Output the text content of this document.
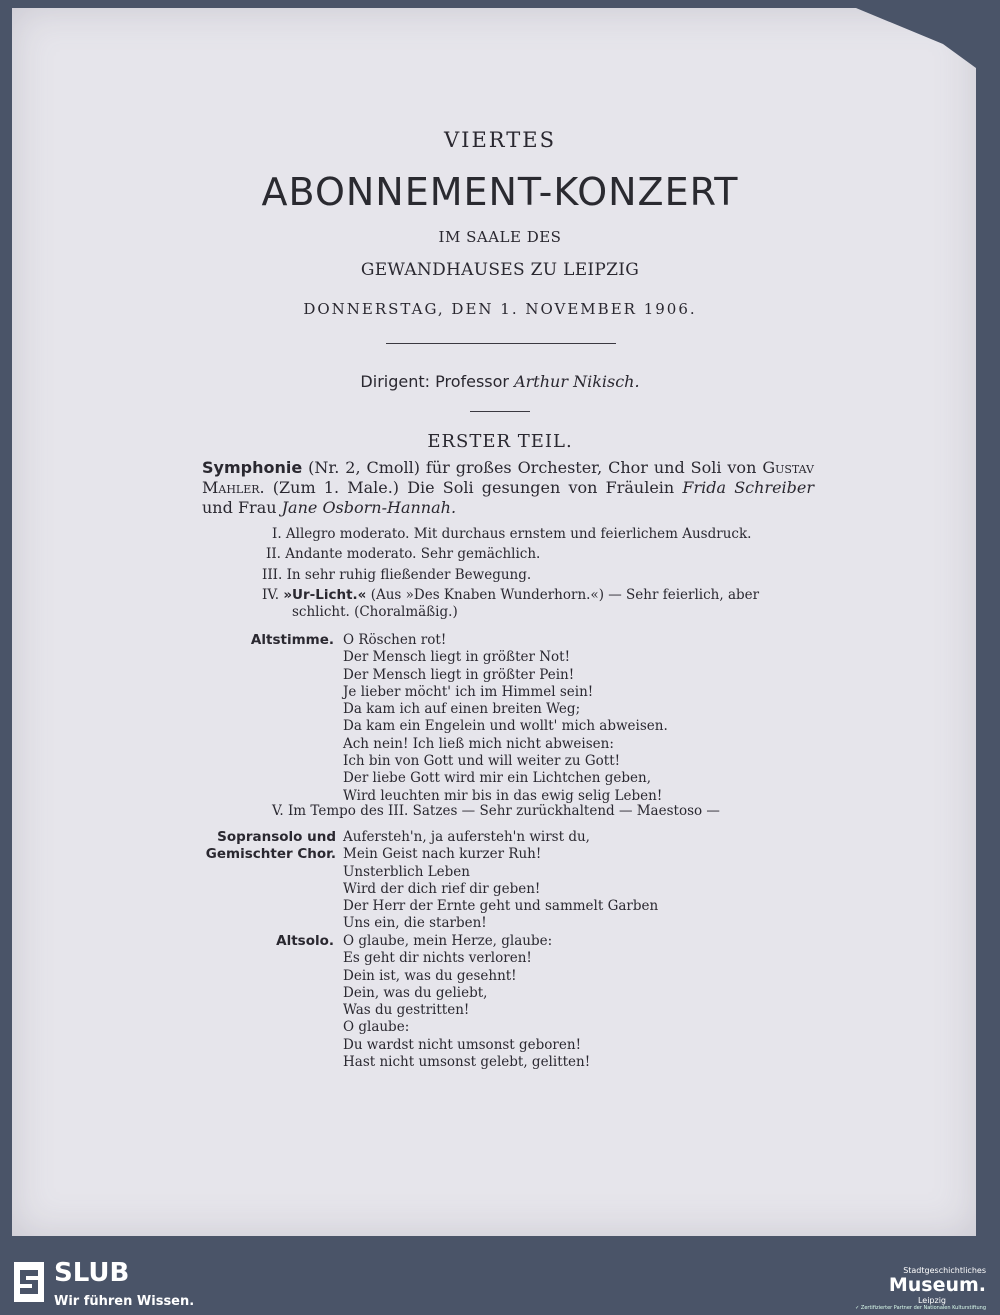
VIERTES
ABONNEMENT-KONZERT
IM SAALE DES
GEWANDHAUSES ZU LEIPZIG
DONNERSTAG, DEN 1. NOVEMBER 1906.
Dirigent: Professor Arthur Nikisch.
ERSTER TEIL.
Symphonie (Nr. 2, Cmoll) für großes Orchester, Chor und Soli von Gustav Mahler. (Zum 1. Male.) Die Soli gesungen von Fräulein Frida Schreiber und Frau Jane Osborn-Hannah.
I. Allegro moderato. Mit durchaus ernstem und feierlichem Ausdruck.
II. Andante moderato. Sehr gemächlich.
III. In sehr ruhig fließender Bewegung.
IV. »Ur-Licht.« (Aus »Des Knaben Wunderhorn.«) — Sehr feierlich, aber
schlicht. (Choralmäßig.)
Altstimme. O Röschen rot!
Der Mensch liegt in größter Not!
Der Mensch liegt in größter Pein!
Je lieber möcht' ich im Himmel sein!
Da kam ich auf einen breiten Weg;
Da kam ein Engelein und wollt' mich abweisen.
Ach nein! Ich ließ mich nicht abweisen:
Ich bin von Gott und will weiter zu Gott!
Der liebe Gott wird mir ein Lichtchen geben,
Wird leuchten mir bis in das ewig selig Leben!
V. Im Tempo des III. Satzes — Sehr zurückhaltend — Maestoso —
Sopransolo und
Gemischter Chor.
Aufersteh'n, ja aufersteh'n wirst du,
Mein Geist nach kurzer Ruh!
Unsterblich Leben
Wird der dich rief dir geben!
Der Herr der Ernte geht und sammelt Garben
Uns ein, die starben!
Altsolo. O glaube, mein Herze, glaube:
Es geht dir nichts verloren!
Dein ist, was du gesehnt!
Dein, was du geliebt,
Was du gestritten!
O glaube:
Du wardst nicht umsonst geboren!
Hast nicht umsonst gelebt, gelitten!
SLUB
Wir führen Wissen.
Stadtgeschichtliches
Museum.
Leipzig
✓ Zertifizierter Partner der Nationalen Kulturstiftung
